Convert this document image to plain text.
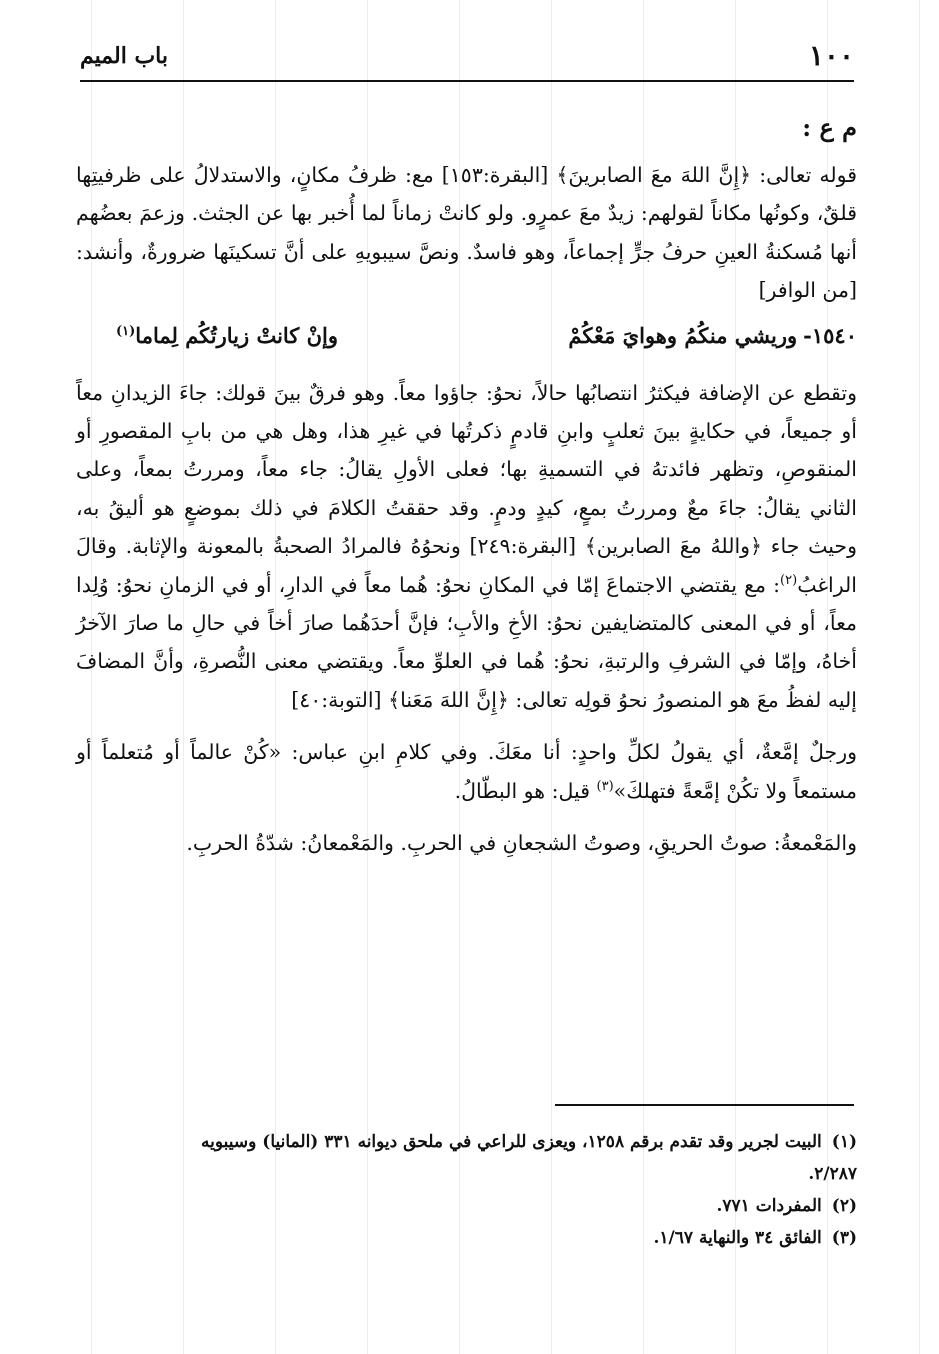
١٠٠
باب الميم
م ع :

قوله تعالى: ﴿إِنَّ اللهَ معَ الصابرينَ﴾ [البقرة:١٥٣] مع: ظرفُ مكانٍ، والاستدلالُ على ظرفيتِها قلقٌ، وكونُها مكاناً لقولهم: زيدٌ معَ عمرٍو. ولو كانتْ زماناً لما أُخبر بها عن الجثث. وزعمَ بعضُهم أنها مُسكنةُ العينِ حرفُ جرٍّ إجماعاً، وهو فاسدٌ. ونصَّ سيبويهِ على أنَّ تسكينَها ضرورةٌ، وأنشد: [من الوافر]

١٥٤٠-وريشي منكُمُ وهوايَ مَعْكُمْ
وإنْ كانتْ زيارتُكُم لِماما$^{(١)}$

وتقطع عن الإضافة فيكثرُ انتصابُها حالاً، نحوُ: جاؤوا معاً. وهو فرقٌ بينَ قولك: جاءَ الزيدانِ معاً أو جميعاً، في حكايةٍ بينَ ثعلبٍ وابنِ قادمٍ ذكرتُها في غيرِ هذا، وهل هي من بابِ المقصورِ أو المنقوصِ، وتظهر فائدتهُ في التسميةِ بها؛ فعلى الأولِ يقالُ: جاء معاً، ومررتُ بمعاً، وعلى الثاني يقالُ: جاءَ معٌ ومررتُ بمعٍ، كيدٍ ودمٍ. وقد حققتُ الكلامَ في ذلك بموضعٍ هو أليقُ به، وحيث جاء ﴿واللهُ معَ الصابرين﴾ [البقرة:٢٤٩] ونحوُهُ فالمرادُ الصحبةُ بالمعونة والإثابة. وقالَ الراغبُ$^{(٢)}$: مع يقتضي الاجتماعَ إمّا في المكانِ نحوُ: هُما معاً في الدارِ، أو في الزمانِ نحوُ: وُلِدا معاً، أو في المعنى كالمتضايفين نحوُ: الأخِ والأبِ؛ فإنَّ أحدَهُما صارَ أخاً في حالِ ما صارَ الآخرُ أخاهُ، وإمّا في الشرفِ والرتبةِ، نحوُ: هُما في العلوِّ معاً. ويقتضي معنى النُّصرةِ، وأنَّ المضافَ إليه لفظُ معَ هو المنصورُ نحوُ قولِه تعالى: ﴿إِنَّ اللهَ مَعَنا﴾ [التوبة:٤٠]

ورجلٌ إمَّعةٌ، أي يقولُ لكلِّ واحدٍ: أنا معَكَ. وفي كلامِ ابنِ عباس: «كُنْ عالماً أو مُتعلماً أو مستمعاً ولا تكُنْ إمَّعةً فتهلكَ»$^{(٣)}$ قيل: هو البطّالُ.

والمَعْمعةُ: صوتُ الحريقِ، وصوتُ الشجعانِ في الحربِ. والمَعْمعانُ: شدّةُ الحربِ.

(١)البيت لجرير وقد تقدم برقم ١٢٥٨، ويعزى للراعي في ملحق ديوانه ٣٣١ (المانيا) وسيبويه

٢/٢٨٧.

(٢)المفردات ٧٧١.

(٣)الفائق ٣٤ والنهاية ١/٦٧.
